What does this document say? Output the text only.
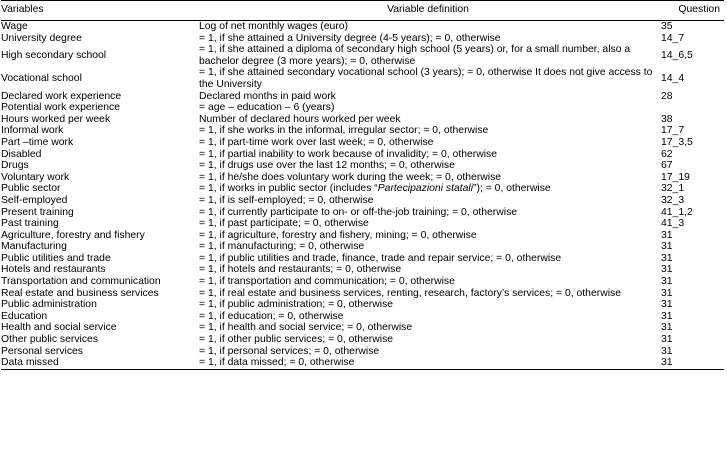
Variables	Variable definition	Question
Wage	Log of net monthly wages (euro)	35
University degree	= 1, if she attained a University degree (4-5 years); = 0, otherwise	14_7
High secondary school	= 1, if she attained a diploma of secondary high school (5 years) or, for a small number, also a bachelor degree (3 more years); = 0, otherwise	14_6,5
Vocational school	= 1, if she attained secondary vocational school (3 years); = 0, otherwise It does not give access to the University	14_4
Declared work experience	Declared months in paid work	28
Potential work experience	= age – education – 6 (years)	
Hours worked per week	Number of declared hours worked per week	38
Informal work	= 1, if she works in the informal, irregular sector; = 0, otherwise	17_7
Part –time work	= 1, if part-time work over last week; = 0, otherwise	17_3,5
Disabled	= 1, if partial inability to work because of invalidity; = 0, otherwise	62
Drugs	= 1, if drugs use over the last 12 months; = 0, otherwise	67
Voluntary work	= 1, if he/she does voluntary work during the week; = 0, otherwise	17_19
Public sector	= 1, if works in public sector (includes “Partecipazioni statali”); = 0, otherwise	32_1
Self-employed	= 1, if is self-employed; = 0, otherwise	32_3
Present training	= 1, if currently participate to on- or off-the-job training; = 0, otherwise	41_1,2
Past training	= 1, if past participate; = 0, otherwise	41_3
Agriculture, forestry and fishery	= 1, if agriculture, forestry and fishery, mining; = 0, otherwise	31
Manufacturing	= 1, if manufacturing; = 0, otherwise	31
Public utilities and trade	= 1, if public utilities and trade, finance, trade and repair service; = 0, otherwise	31
Hotels and restaurants	= 1, if hotels and restaurants; = 0, otherwise	31
Transportation and communication	= 1, if transportation and communication; = 0, otherwise	31
Real estate and business services	= 1, if real estate and business services, renting, research, factory’s services; = 0, otherwise	31
Public administration	= 1, if public administration; = 0, otherwise	31
Education	= 1, if education; = 0, otherwise	31
Health and social service	= 1, if health and social service; = 0, otherwise	31
Other public services	= 1, if other public services; = 0, otherwise	31
Personal services	= 1, if personal services; = 0, otherwise	31
Data missed	= 1, if data missed; = 0, otherwise	31
